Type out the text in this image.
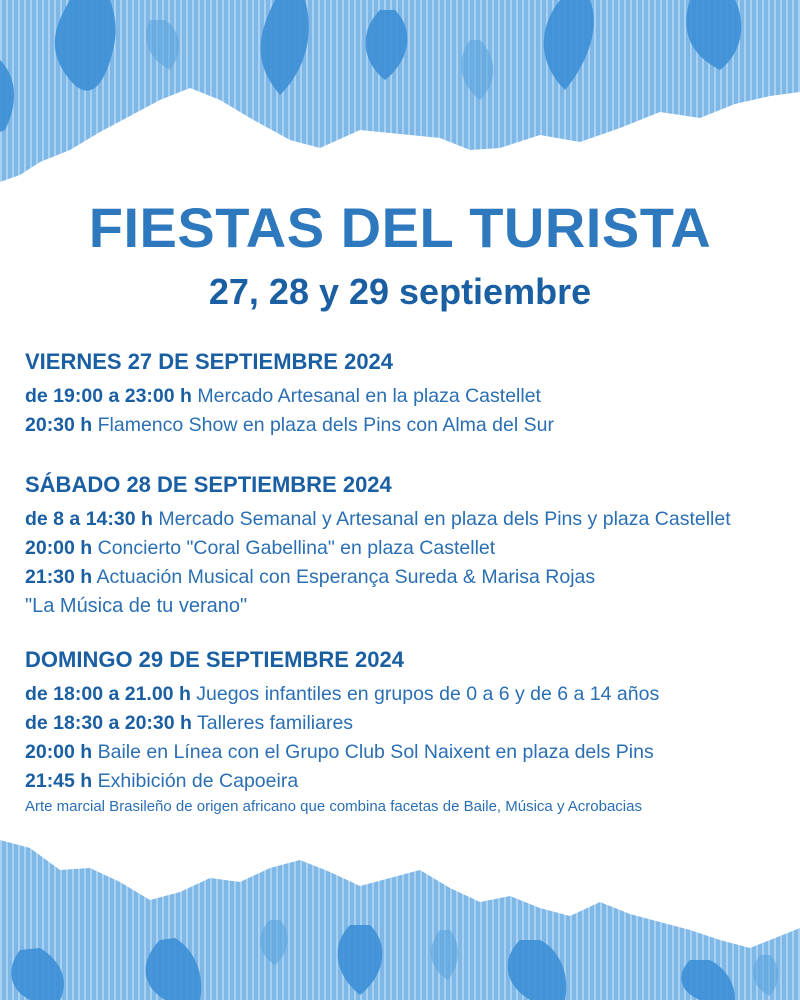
FIESTAS DEL TURISTA
27, 28 y 29 septiembre
VIERNES 27 DE SEPTIEMBRE 2024
de 19:00 a 23:00 h Mercado Artesanal en la plaza Castellet
20:30 h Flamenco Show en plaza dels Pins con Alma del Sur
SÁBADO 28 DE SEPTIEMBRE 2024
de 8 a 14:30 h Mercado Semanal y Artesanal en plaza dels Pins y plaza Castellet
20:00 h Concierto "Coral Gabellina" en plaza Castellet
21:30 h Actuación Musical con Esperança Sureda & Marisa Rojas
"La Música de tu verano"
DOMINGO 29 DE SEPTIEMBRE 2024
de 18:00 a 21.00 h Juegos infantiles en grupos de 0 a 6 y de 6 a 14 años
de 18:30 a 20:30 h Talleres familiares
20:00 h Baile en Línea con el Grupo Club Sol Naixent en plaza dels Pins
21:45 h Exhibición de Capoeira
Arte marcial Brasileño de origen africano que combina facetas de Baile, Música y Acrobacias
